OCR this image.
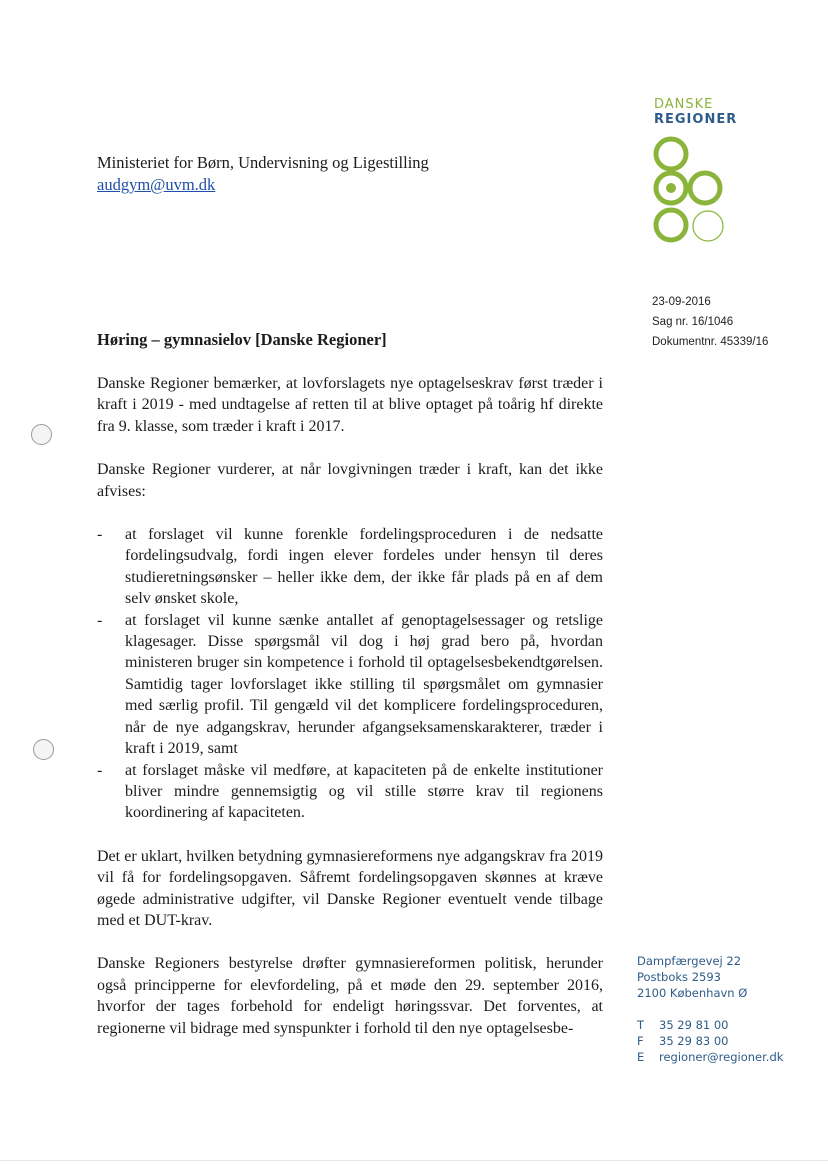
DANSKE
REGIONER
Ministeriet for Børn, Undervisning og Ligestilling
audgym@uvm.dk
23-09-2016
Sag nr. 16/1046
Dokumentnr. 45339/16
Høring – gymnasielov [Danske Regioner]

Danske Regioner bemærker, at lovforslagets nye optagelseskrav først træder i kraft i 2019 - med undtagelse af retten til at blive optaget på toårig hf direkte fra 9. klasse, som træder i kraft i 2017.

Danske Regioner vurderer, at når lovgivningen træder i kraft, kan det ikke afvises:

- at forslaget vil kunne forenkle fordelingsproceduren i de nedsatte fordelingsudvalg, fordi ingen elever fordeles under hensyn til deres studieretningsønsker – heller ikke dem, der ikke får plads på en af dem selv ønsket skole,
- at forslaget vil kunne sænke antallet af genoptagelsessager og retslige klagesager. Disse spørgsmål vil dog i høj grad bero på, hvordan ministeren bruger sin kompetence i forhold til optagelsesbekendtgørelsen. Samtidig tager lovforslaget ikke stilling til spørgsmålet om gymnasier med særlig profil. Til gengæld vil det komplicere fordelingsproceduren, når de nye adgangskrav, herunder afgangseksamenskarakterer, træder i kraft i 2019, samt
- at forslaget måske vil medføre, at kapaciteten på de enkelte institutioner bliver mindre gennemsigtig og vil stille større krav til regionens koordinering af kapaciteten.

Det er uklart, hvilken betydning gymnasiereformens nye adgangskrav fra 2019 vil få for fordelingsopgaven. Såfremt fordelingsopgaven skønnes at kræve øgede administrative udgifter, vil Danske Regioner eventuelt vende tilbage med et DUT-krav.

Danske Regioners bestyrelse drøfter gymnasiereformen politisk, herunder også principperne for elevfordeling, på et møde den 29. september 2016, hvorfor der tages forbehold for endeligt høringssvar. Det forventes, at regionerne vil bidrage med synspunkter i forhold til den nye optagelsesbe-

Dampfærgevej 22
Postboks 2593
2100 København Ø
T 35 29 81 00
F 35 29 83 00
E regioner@regioner.dk
